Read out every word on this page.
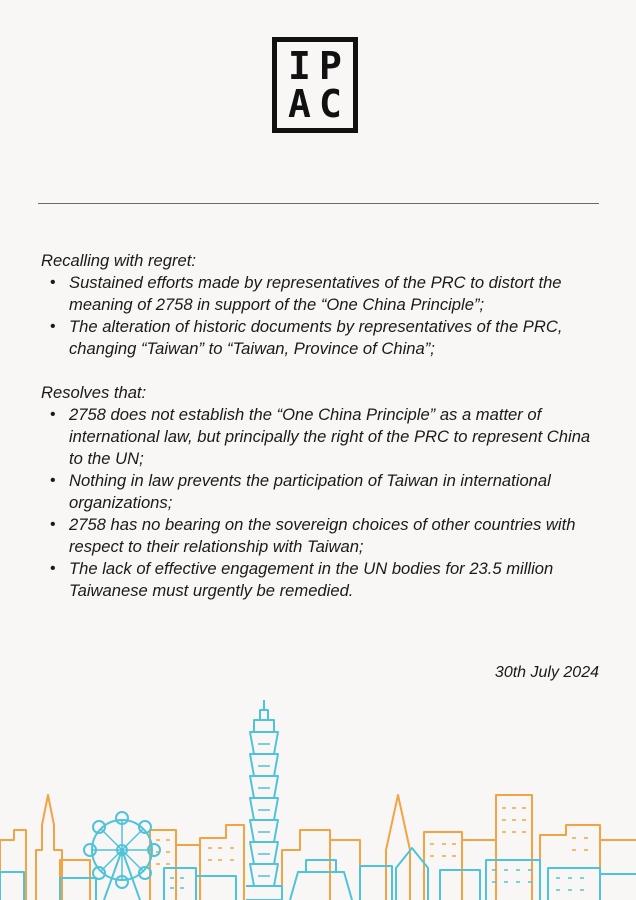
I P
A C

Recalling with regret:

• Sustained efforts made by representatives of the PRC to distort the meaning of 2758 in support of the “One China Principle”;
• The alteration of historic documents by representatives of the PRC, changing “Taiwan” to “Taiwan, Province of China”;

Resolves that:

• 2758 does not establish the “One China Principle” as a matter of international law, but principally the right of the PRC to represent China to the UN;
• Nothing in law prevents the participation of Taiwan in international organizations;
• 2758 has no bearing on the sovereign choices of other countries with respect to their relationship with Taiwan;
• The lack of effective engagement in the UN bodies for 23.5 million Taiwanese must urgently be remedied.
30th July 2024
